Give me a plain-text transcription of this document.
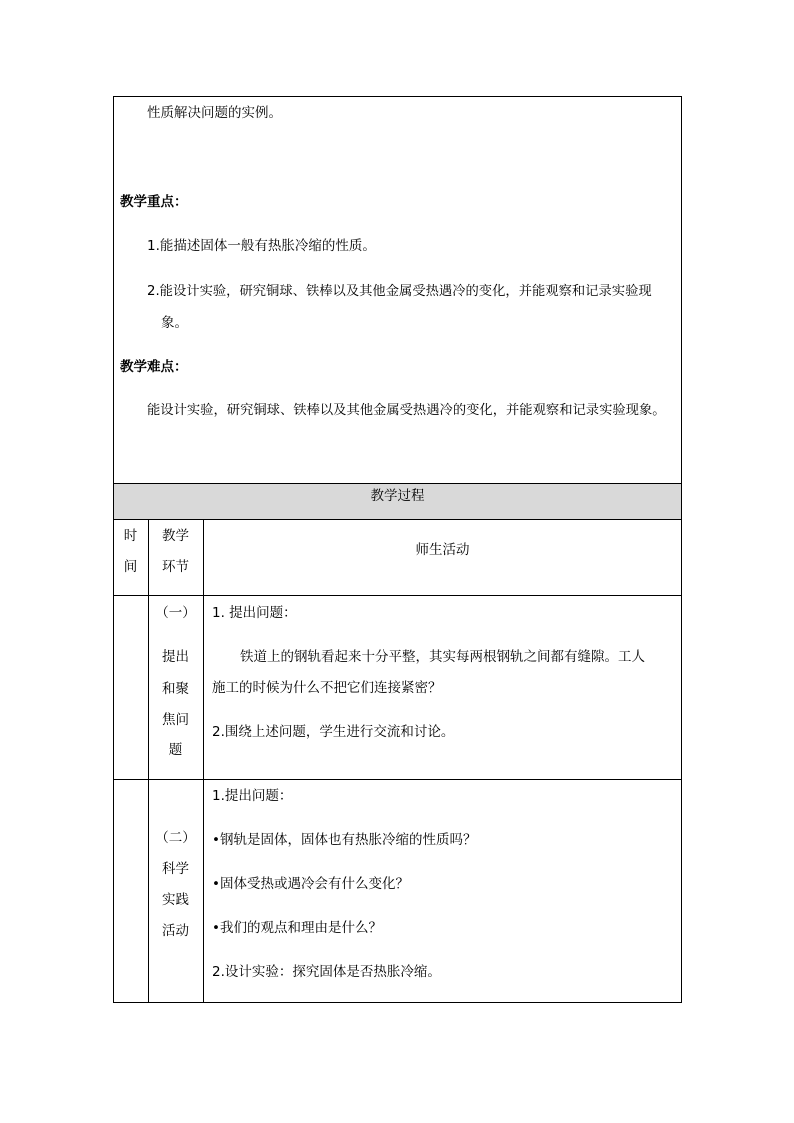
性质解决问题的实例。
教学重点：
1.能描述固体一般有热胀冷缩的性质。
2.能设计实验，研究铜球、铁棒以及其他金属受热遇冷的变化，并能观察和记录实验现
象。
教学难点：
能设计实验，研究铜球、铁棒以及其他金属受热遇冷的变化，并能观察和记录实验现象。
教学过程
时
间
教学
环节
师生活动
（一）
提出
和聚
焦问
题
1. 提出问题：
铁道上的钢轨看起来十分平整，其实每两根钢轨之间都有缝隙。工人
施工的时候为什么不把它们连接紧密？
2.围绕上述问题，学生进行交流和讨论。
（二）
科学
实践
活动
1.提出问题：
•钢轨是固体，固体也有热胀冷缩的性质吗？
•固体受热或遇冷会有什么变化？
•我们的观点和理由是什么？
2.设计实验：探究固体是否热胀冷缩。
